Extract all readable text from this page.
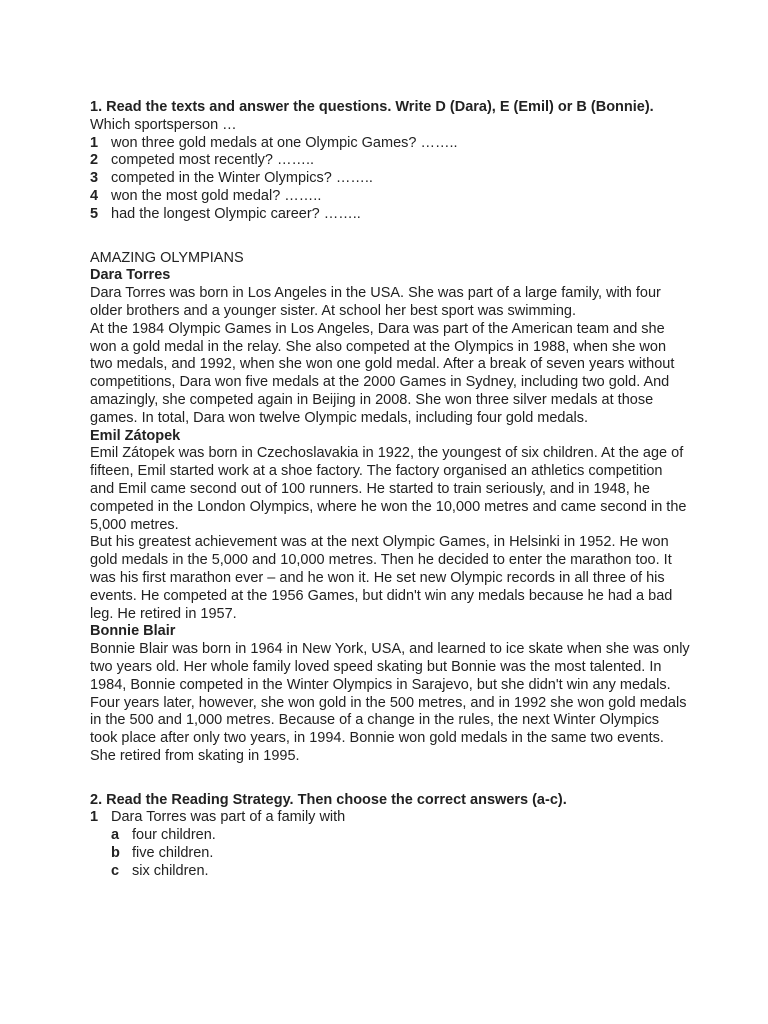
1. Read the texts and answer the questions. Write D (Dara), E (Emil) or B (Bonnie).
Which sportsperson …
1 won three gold medals at one Olympic Games? ……..
2 competed most recently? ……..
3 competed in the Winter Olympics? ……..
4 won the most gold medal? ……..
5 had the longest Olympic career? ……..
AMAZING OLYMPIANS
Dara Torres
Dara Torres was born in Los Angeles in the USA. She was part of a large family, with four older brothers and a younger sister. At school her best sport was swimming.
At the 1984 Olympic Games in Los Angeles, Dara was part of the American team and she won a gold medal in the relay. She also competed at the Olympics in 1988, when she won two medals, and 1992, when she won one gold medal. After a break of seven years without competitions, Dara won five medals at the 2000 Games in Sydney, including two gold. And amazingly, she competed again in Beijing in 2008. She won three silver medals at those games. In total, Dara won twelve Olympic medals, including four gold medals.
Emil Zátopek
Emil Zátopek was born in Czechoslavakia in 1922, the youngest of six children. At the age of fifteen, Emil started work at a shoe factory. The factory organised an athletics competition and Emil came second out of 100 runners. He started to train seriously, and in 1948, he competed in the London Olympics, where he won the 10,000 metres and came second in the 5,000 metres.
But his greatest achievement was at the next Olympic Games, in Helsinki in 1952. He won gold medals in the 5,000 and 10,000 metres. Then he decided to enter the marathon too. It was his first marathon ever – and he won it. He set new Olympic records in all three of his events. He competed at the 1956 Games, but didn't win any medals because he had a bad leg. He retired in 1957.
Bonnie Blair
Bonnie Blair was born in 1964 in New York, USA, and learned to ice skate when she was only two years old. Her whole family loved speed skating but Bonnie was the most talented. In 1984, Bonnie competed in the Winter Olympics in Sarajevo, but she didn't win any medals. Four years later, however, she won gold in the 500 metres, and in 1992 she won gold medals in the 500 and 1,000 metres. Because of a change in the rules, the next Winter Olympics took place after only two years, in 1994. Bonnie won gold medals in the same two events. She retired from skating in 1995.
2. Read the Reading Strategy. Then choose the correct answers (a-c).
1 Dara Torres was part of a family with
a four children.
b five children.
c six children.
